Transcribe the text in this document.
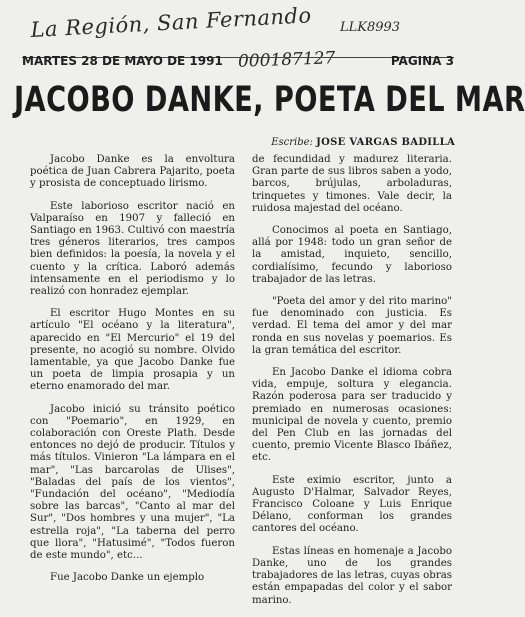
La Región, San Fernando LLK8993
000187127
MARTES 28 DE MAYO DE 1991	PAGINA 3
JACOBO DANKE, POETA DEL MAR
Escribe: JOSE VARGAS BADILLA

Jacobo Danke es la envoltura poética de Juan Cabrera Pajarito, poeta y prosista de conceptuado lirismo.

Este laborioso escritor nació en Valparaíso en 1907 y falleció en Santiago en 1963. Cultivó con maestría tres géneros literarios, tres campos bien definidos: la poesía, la novela y el cuento y la crítica. Laboró además intensamente en el periodismo y lo realizó con honradez ejemplar.

El escritor Hugo Montes en su artículo "El océano y la literatura", aparecido en "El Mercurio" el 19 del presente, no acogió su nombre. Olvido lamentable, ya que Jacobo Danke fue un poeta de limpia prosapia y un eterno enamorado del mar.

Jacobo inició su tránsito poético con "Poemario", en 1929, en colaboración con Oreste Plath. Desde entonces no dejó de producir. Títulos y más títulos. Vinieron "La lámpara en el mar", "Las barcarolas de Ulises", "Baladas del país de los vientos", "Fundación del océano", "Mediodía sobre las barcas", "Canto al mar del Sur", "Dos hombres y una mujer", "La estrella roja", "La taberna del perro que llora", "Hatusimé", "Todos fueron de este mundo", etc...

Fue Jacobo Danke un ejemplo

de fecundidad y madurez literaria. Gran parte de sus libros saben a yodo, barcos, brújulas, arboladuras, trinquetes y timones. Vale decir, la ruidosa majestad del océano.

Conocimos al poeta en Santiago, allá por 1948: todo un gran señor de la amistad, inquieto, sencillo, cordialísimo, fecundo y laborioso trabajador de las letras.

"Poeta del amor y del rito marino" fue denominado con justicia. Es verdad. El tema del amor y del mar ronda en sus novelas y poemarios. Es la gran temática del escritor.

En Jacobo Danke el idioma cobra vida, empuje, soltura y elegancia. Razón poderosa para ser traducido y premiado en numerosas ocasiones: municipal de novela y cuento, premio del Pen Club en las jornadas del cuento, premio Vicente Blasco Ibáñez, etc.

Este eximio escritor, junto a Augusto D'Halmar, Salvador Reyes, Francisco Coloane y Luis Enrique Délano, conforman los grandes cantores del océano.

Estas líneas en homenaje a Jacobo Danke, uno de los grandes trabajadores de las letras, cuyas obras están empapadas del color y el sabor marino.
